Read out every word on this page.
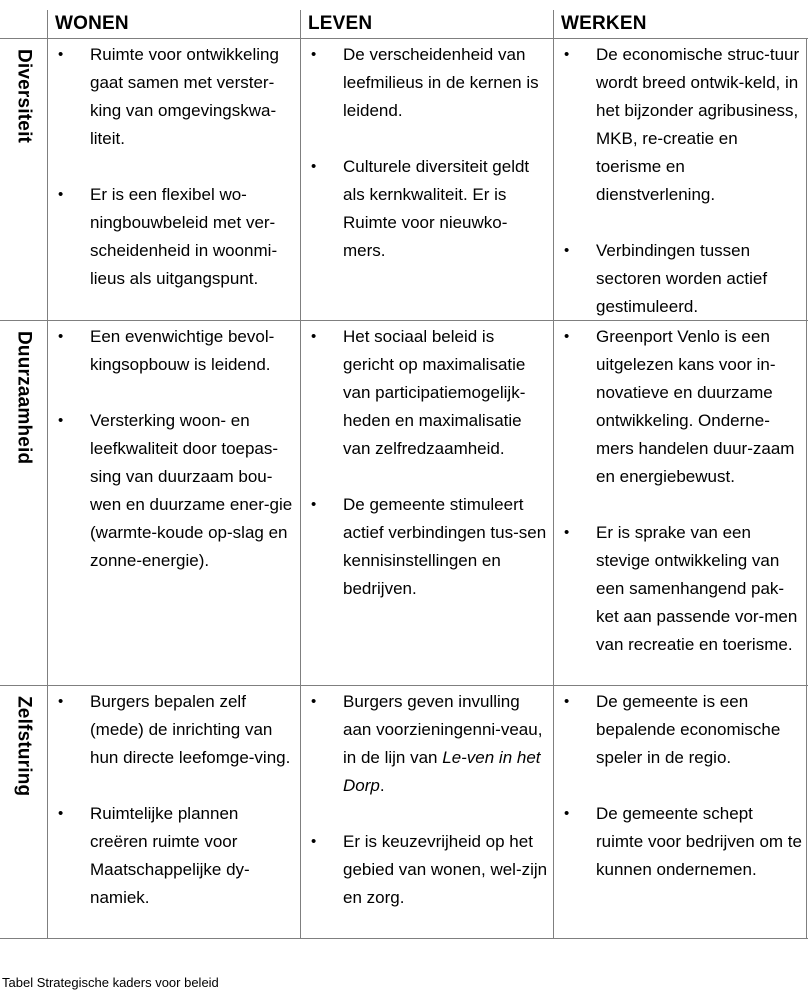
WONEN	LEVEN	WERKEN
Diversiteit
Duurzaamheid
Zelfsturing

• Ruimte voor ontwikkeling gaat samen met verster-king van omgevingskwa-liteit.

• Er is een flexibel wo-ningbouwbeleid met ver-scheidenheid in woonmi-lieus als uitgangspunt.

• De verscheidenheid van leefmilieus in de kernen is leidend.

• Culturele diversiteit geldt als kernkwaliteit. Er is Ruimte voor nieuwko-mers.

• De economische struc-tuur wordt breed ontwik-keld, in het bijzonder agribusiness, MKB, re-creatie en toerisme en dienstverlening.

• Verbindingen tussen sectoren worden actief gestimuleerd.

• Een evenwichtige bevol-kingsopbouw is leidend.

• Versterking woon- en leefkwaliteit door toepas-sing van duurzaam bou-wen en duurzame ener-gie (warmte-koude op-slag en zonne-energie).

• Het sociaal beleid is gericht op maximalisatie van participatiemogelijk-heden en maximalisatie van zelfredzaamheid.

• De gemeente stimuleert actief verbindingen tus-sen kennisinstellingen en bedrijven.

• Greenport Venlo is een uitgelezen kans voor in-novatieve en duurzame ontwikkeling. Onderne-mers handelen duur-zaam en energiebewust.

• Er is sprake van een stevige ontwikkeling van een samenhangend pak-ket aan passende vor-men van recreatie en toerisme.

• Burgers bepalen zelf (mede) de inrichting van hun directe leefomge-ving.

• Ruimtelijke plannen creëren ruimte voor Maatschappelijke dy-namiek.

• Burgers geven invulling aan voorzieningenni-veau, in de lijn van Le-ven in het Dorp.

• Er is keuzevrijheid op het gebied van wonen, wel-zijn en zorg.

• De gemeente is een bepalende economische speler in de regio.

• De gemeente schept ruimte voor bedrijven om te kunnen ondernemen.

Tabel Strategische kaders voor beleid
